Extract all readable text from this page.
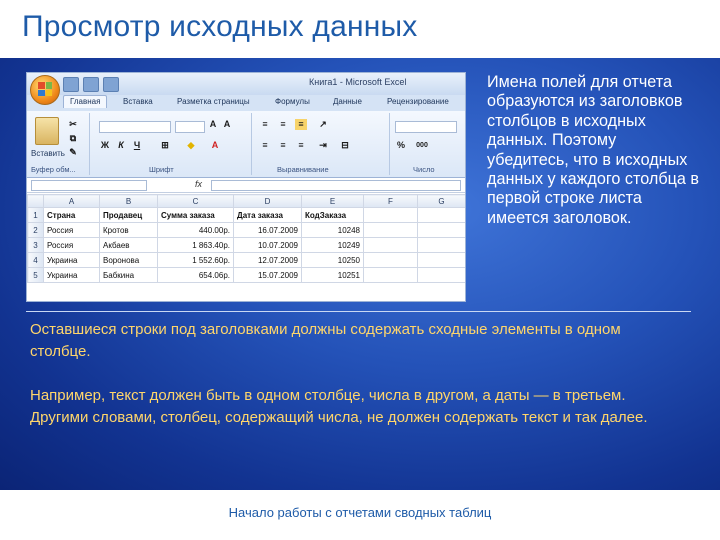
Просмотр исходных данных
Книга1 - Microsoft Excel
Главная	Вставка	Разметка страницы	Формулы	Данные	Рецензирование
Вставить
✂
⧉
✎
Буфер обм...
A A
Ж	К	Ч	⊞ ◆	A
Шрифт
≡	≡	≡	↗
≡	≡	≡	⇥ ⊟
Выравнивание
%	000
Число
fx
	A	B	C	D	E	F	G
1	Страна	Продавец	Сумма заказа	Дата заказа	КодЗаказа		
2	Россия	Кротов	440.00р.	16.07.2009	10248		
3	Россия	Акбаев	1 863.40р.	10.07.2009	10249		
4	Украина	Воронова	1 552.60р.	12.07.2009	10250		
5	Украина	Бабкина	654.06р.	15.07.2009	10251		
Имена полей для отчета образуются из заголовков столбцов в исходных данных. Поэтому убедитесь, что в исходных данных у каждого столбца в первой строке листа имеется заголовок.

Оставшиеся строки под заголовками должны содержать сходные элементы в одном столбце.

Например, текст должен быть в одном столбце, числа в другом, а даты — в третьем. Другими словами, столбец, содержащий числа, не должен содержать текст и так далее.

Начало работы с отчетами сводных таблиц
